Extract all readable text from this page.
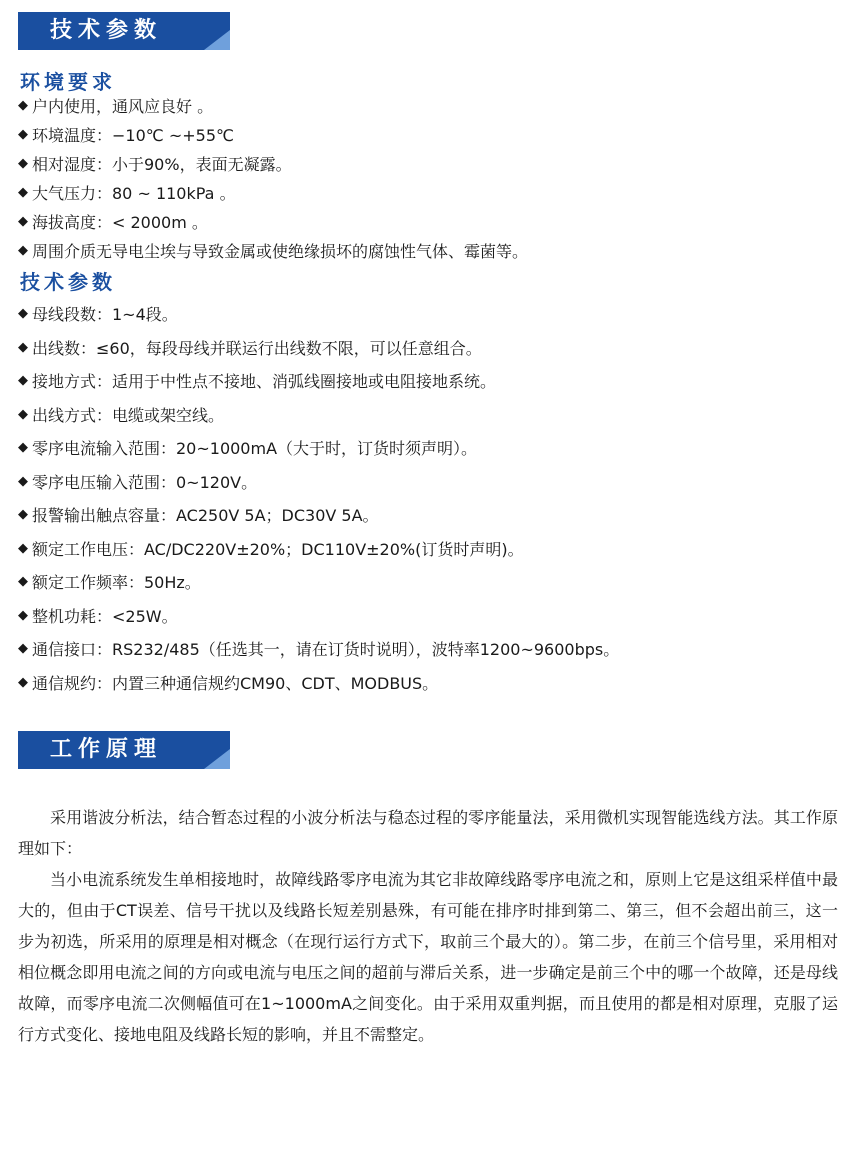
技术参数
环境要求
◆ 户内使用，通风应良好 。
◆ 环境温度：−10℃ ~+55℃
◆ 相对湿度：小于90%，表面无凝露。
◆ 大气压力：80 ~ 110kPa 。
◆ 海拔高度：< 2000m 。
◆ 周围介质无导电尘埃与导致金属或使绝缘损坏的腐蚀性气体、霉菌等。
技术参数
◆ 母线段数：1~4段。
◆ 出线数：≤60，每段母线并联运行出线数不限，可以任意组合。
◆ 接地方式：适用于中性点不接地、消弧线圈接地或电阻接地系统。
◆ 出线方式：电缆或架空线。
◆ 零序电流输入范围：20~1000mA（大于时，订货时须声明）。
◆ 零序电压输入范围：0~120V。
◆ 报警输出触点容量：AC250V 5A；DC30V 5A。
◆ 额定工作电压：AC/DC220V±20%；DC110V±20%(订货时声明)。
◆ 额定工作频率：50Hz。
◆ 整机功耗：<25W。
◆ 通信接口：RS232/485（任选其一，请在订货时说明），波特率1200~9600bps。
◆ 通信规约：内置三种通信规约CM90、CDT、MODBUS。
工作原理

采用谐波分析法，结合暂态过程的小波分析法与稳态过程的零序能量法，采用微机实现智能选线方法。其工作原理如下：

当小电流系统发生单相接地时，故障线路零序电流为其它非故障线路零序电流之和，原则上它是这组采样值中最大的，但由于CT误差、信号干扰以及线路长短差别悬殊，有可能在排序时排到第二、第三，但不会超出前三，这一步为初选，所采用的原理是相对概念（在现行运行方式下，取前三个最大的）。第二步，在前三个信号里，采用相对相位概念即用电流之间的方向或电流与电压之间的超前与滞后关系，进一步确定是前三个中的哪一个故障，还是母线故障，而零序电流二次侧幅值可在1~1000mA之间变化。由于采用双重判据，而且使用的都是相对原理，克服了运行方式变化、接地电阻及线路长短的影响，并且不需整定。
